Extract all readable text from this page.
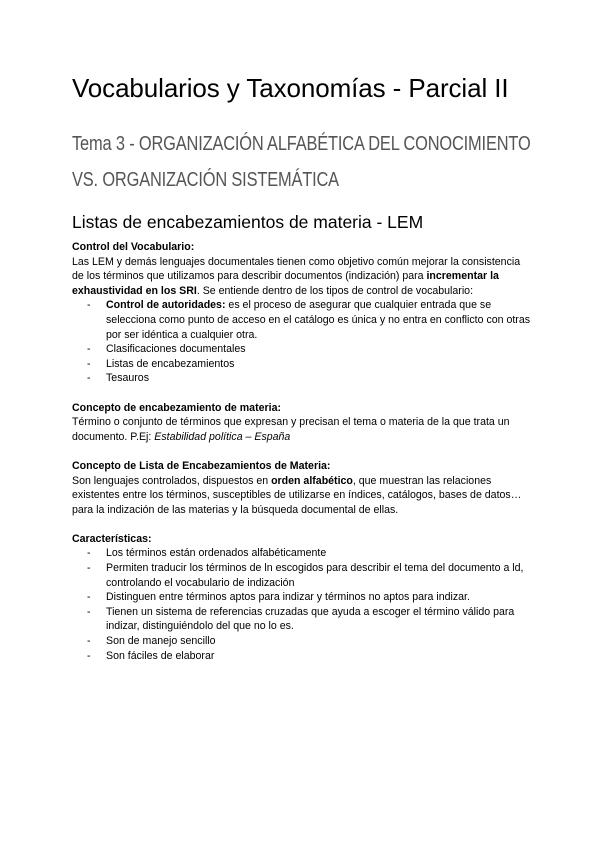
Vocabularios y Taxonomías - Parcial II
Tema 3 - ORGANIZACIÓN ALFABÉTICA DEL CONOCIMIENTO VS. ORGANIZACIÓN SISTEMÁTICA
Listas de encabezamientos de materia - LEM

Control del Vocabulario:

Las LEM y demás lenguajes documentales tienen como objetivo común mejorar la consistencia de los términos que utilizamos para describir documentos (indización) para incrementar la exhaustividad en los SRI. Se entiende dentro de los tipos de control de vocabulario:

- Control de autoridades: es el proceso de asegurar que cualquier entrada que se selecciona como punto de acceso en el catálogo es única y no entra en conflicto con otras por ser idéntica a cualquier otra.
- Clasificaciones documentales
- Listas de encabezamientos
- Tesauros

Concepto de encabezamiento de materia:

Término o conjunto de términos que expresan y precisan el tema o materia de la que trata un documento. P.Ej: Estabilidad política – España

Concepto de Lista de Encabezamientos de Materia:

Son lenguajes controlados, dispuestos en orden alfabético, que muestran las relaciones existentes entre los términos, susceptibles de utilizarse en índices, catálogos, bases de datos… para la indización de las materias y la búsqueda documental de ellas.

Características:

- Los términos están ordenados alfabéticamente
- Permiten traducir los términos de ln escogidos para describir el tema del documento a ld, controlando el vocabulario de indización
- Distinguen entre términos aptos para indizar y términos no aptos para indizar.
- Tienen un sistema de referencias cruzadas que ayuda a escoger el término válido para indizar, distinguiéndolo del que no lo es.
- Son de manejo sencillo
- Son fáciles de elaborar
